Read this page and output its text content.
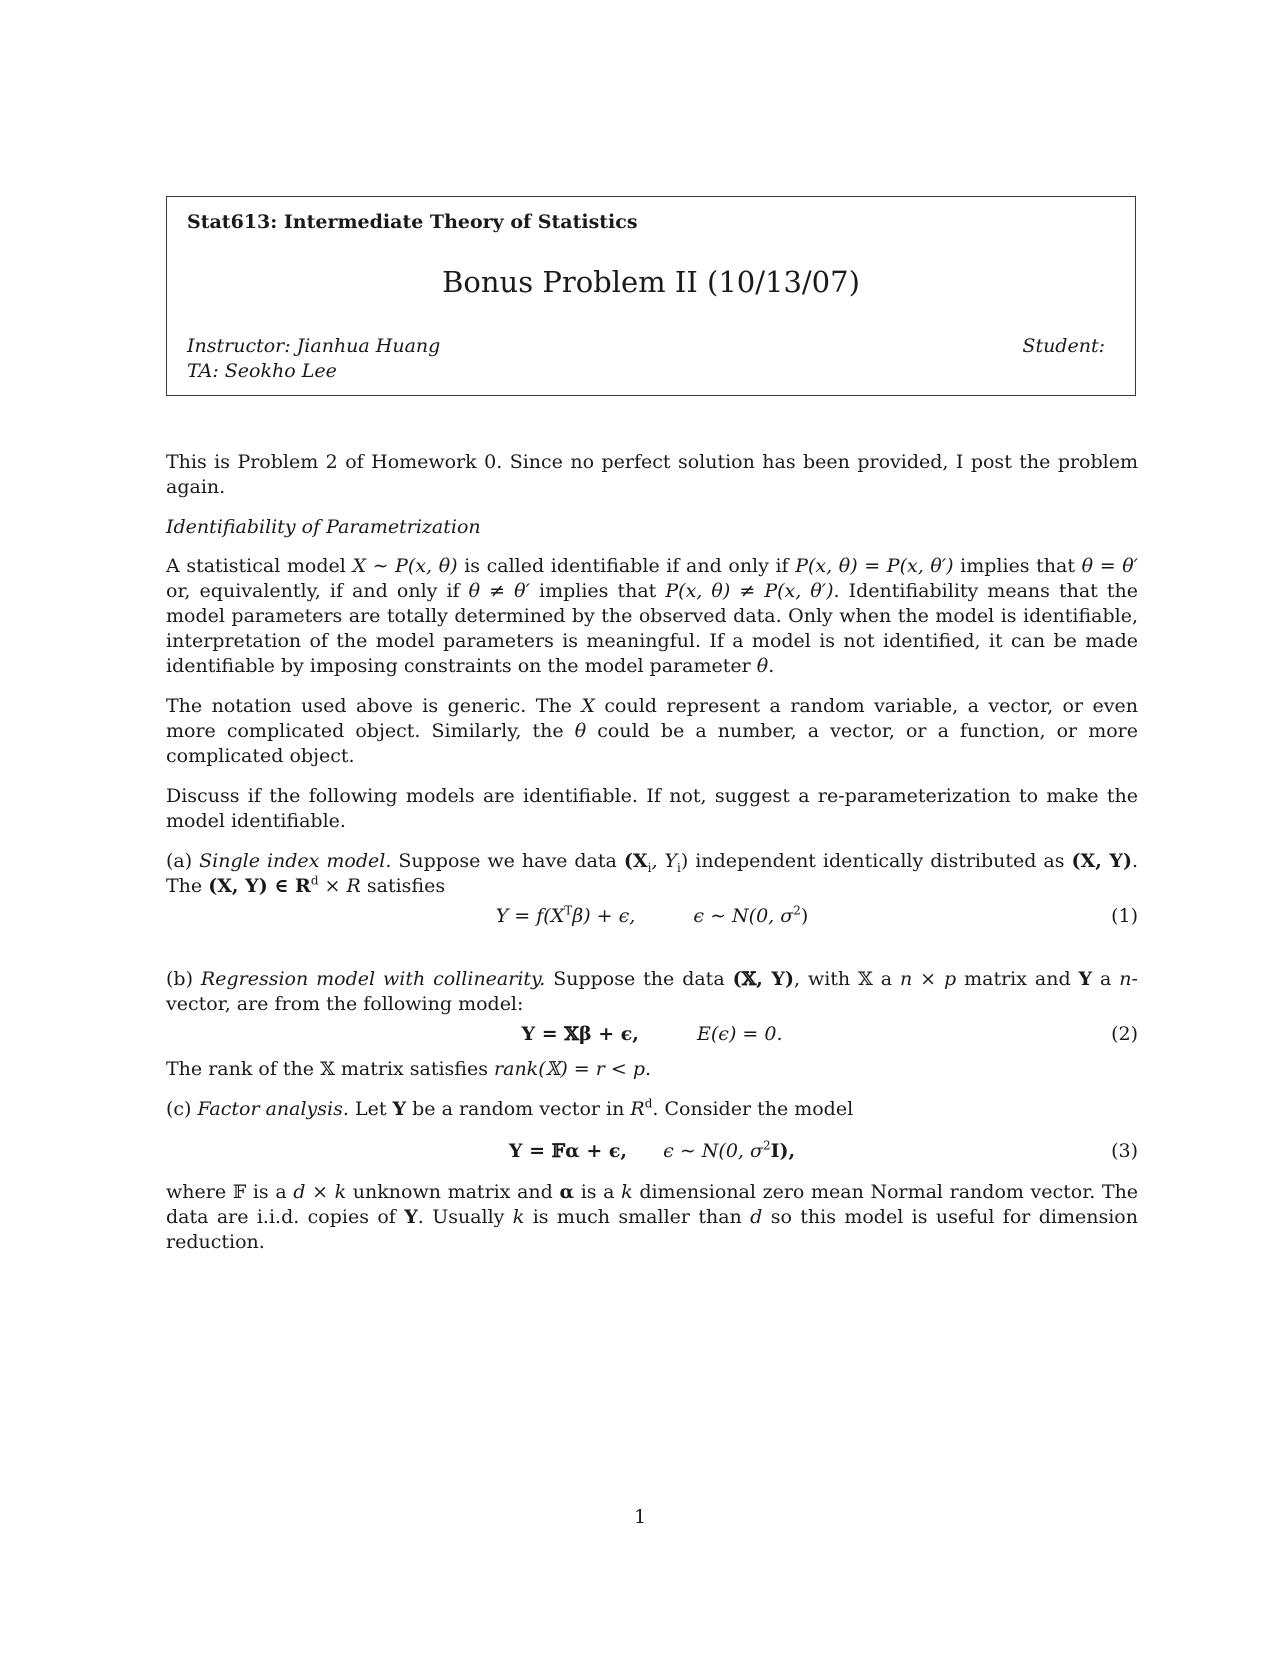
Stat613: Intermediate Theory of Statistics
Bonus Problem II (10/13/07)
Instructor: Jianhua Huang
TA: Seokho Lee
Student:

This is Problem 2 of Homework 0. Since no perfect solution has been provided, I post the problem again.

Identifiability of Parametrization

A statistical model X ∼ P(x, θ) is called identifiable if and only if P(x, θ) = P(x, θ′) implies that θ = θ′ or, equivalently, if and only if θ ≠ θ′ implies that P(x, θ) ≠ P(x, θ′). Identifiability means that the model parameters are totally determined by the observed data. Only when the model is identifiable, interpretation of the model parameters is meaningful. If a model is not identified, it can be made identifiable by imposing constraints on the model parameter θ.

The notation used above is generic. The X could represent a random variable, a vector, or even more complicated object. Similarly, the θ could be a number, a vector, or a function, or more complicated object.

Discuss if the following models are identifiable. If not, suggest a re-parameterization to make the model identifiable.

(a) Single index model. Suppose we have data ($X_i$, $Y_i$) independent identically distributed as (X, Y). The (X, Y) ∈ $R^d \times R$ satisfies

$Y = f(X^T\beta) + \epsilon$,	ϵ ∼ N(0, $\sigma^2$)	(1)

(b) Regression model with collinearity. Suppose the data (𝕏, Y), with 𝕏 a n × p matrix and Y a n-vector, are from the following model:

Y = 𝕏β + ϵ,	E(ϵ) = 0.	(2)

The rank of the 𝕏 matrix satisfies rank(𝕏) = r < p.

(c) Factor analysis. Let Y be a random vector in $R^d$. Consider the model

Y = 𝔽α + ϵ, ϵ ∼ N(0, $\sigma^2I$),	(3)

where 𝔽 is a d × k unknown matrix and α is a k dimensional zero mean Normal random vector. The data are i.i.d. copies of Y. Usually k is much smaller than d so this model is useful for dimension reduction.

1
